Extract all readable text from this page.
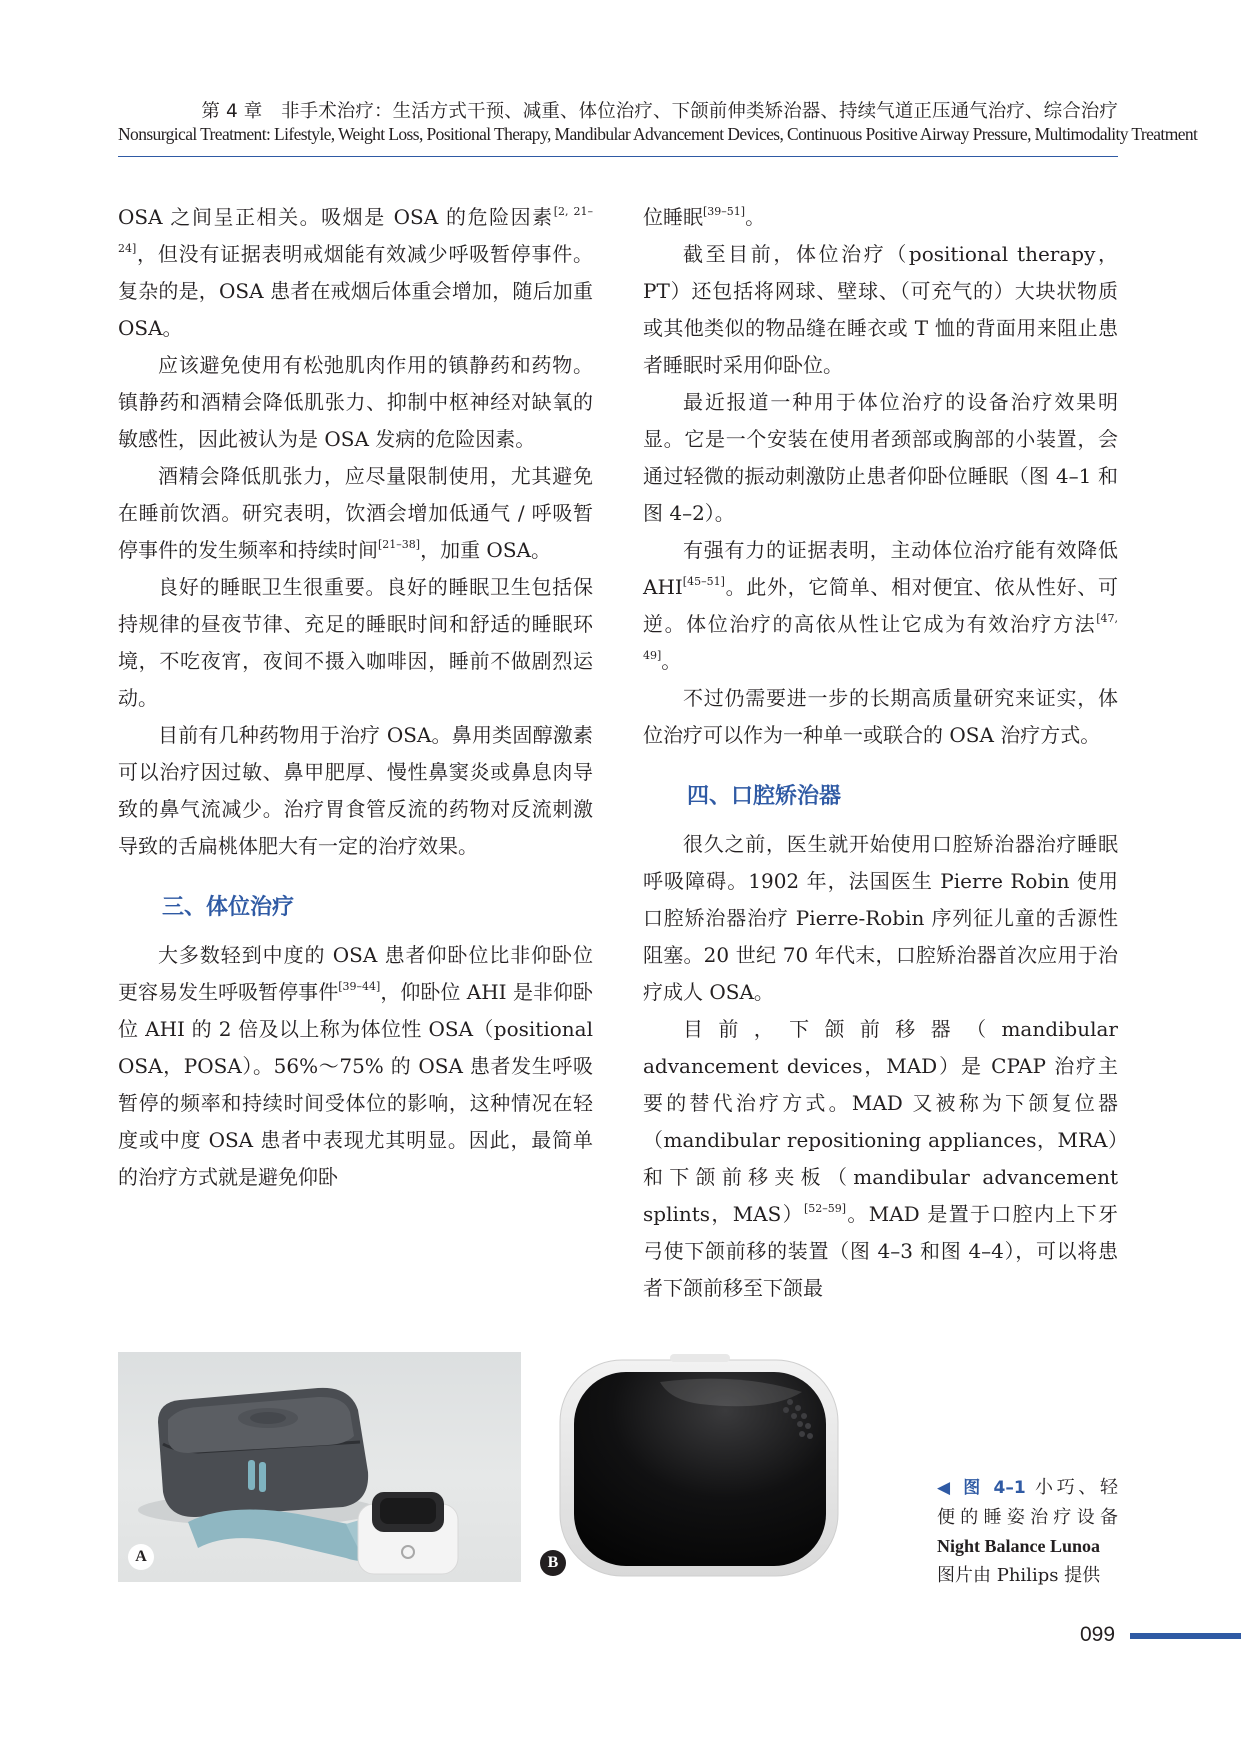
第 4 章　非手术治疗：生活方式干预、减重、体位治疗、下颌前伸类矫治器、持续气道正压通气治疗、综合治疗
Nonsurgical Treatment: Lifestyle, Weight Loss, Positional Therapy, Mandibular Advancement Devices, Continuous Positive Airway Pressure, Multimodality Treatment

OSA 之间呈正相关。吸烟是 OSA 的危险因素[2, 21–24]，但没有证据表明戒烟能有效减少呼吸暂停事件。复杂的是，OSA 患者在戒烟后体重会增加，随后加重 OSA。

应该避免使用有松弛肌肉作用的镇静药和药物。镇静药和酒精会降低肌张力、抑制中枢神经对缺氧的敏感性，因此被认为是 OSA 发病的危险因素。

酒精会降低肌张力，应尽量限制使用，尤其避免在睡前饮酒。研究表明，饮酒会增加低通气 / 呼吸暂停事件的发生频率和持续时间[21–38]，加重 OSA。

良好的睡眠卫生很重要。良好的睡眠卫生包括保持规律的昼夜节律、充足的睡眠时间和舒适的睡眠环境，不吃夜宵，夜间不摄入咖啡因，睡前不做剧烈运动。

目前有几种药物用于治疗 OSA。鼻用类固醇激素可以治疗因过敏、鼻甲肥厚、慢性鼻窦炎或鼻息肉导致的鼻气流减少。治疗胃食管反流的药物对反流刺激导致的舌扁桃体肥大有一定的治疗效果。

三、体位治疗

大多数轻到中度的 OSA 患者仰卧位比非仰卧位更容易发生呼吸暂停事件[39–44]，仰卧位 AHI 是非仰卧位 AHI 的 2 倍及以上称为体位性 OSA（positional OSA，POSA）。56%～75% 的 OSA 患者发生呼吸暂停的频率和持续时间受体位的影响，这种情况在轻度或中度 OSA 患者中表现尤其明显。因此，最简单的治疗方式就是避免仰卧

位睡眠[39–51]。

截至目前，体位治疗（positional therapy，PT）还包括将网球、壁球、（可充气的）大块状物质或其他类似的物品缝在睡衣或 T 恤的背面用来阻止患者睡眠时采用仰卧位。

最近报道一种用于体位治疗的设备治疗效果明显。它是一个安装在使用者颈部或胸部的小装置，会通过轻微的振动刺激防止患者仰卧位睡眠（图 4–1 和图 4–2）。

有强有力的证据表明，主动体位治疗能有效降低 AHI[45–51]。此外，它简单、相对便宜、依从性好、可逆。体位治疗的高依从性让它成为有效治疗方法[47, 49]。

不过仍需要进一步的长期高质量研究来证实，体位治疗可以作为一种单一或联合的 OSA 治疗方式。

四、口腔矫治器

很久之前，医生就开始使用口腔矫治器治疗睡眠呼吸障碍。1902 年，法国医生 Pierre Robin 使用口腔矫治器治疗 Pierre-Robin 序列征儿童的舌源性阻塞。20 世纪 70 年代末，口腔矫治器首次应用于治疗成人 OSA。

目前，下颌前移器（mandibular advancement devices，MAD）是 CPAP 治疗主要的替代治疗方式。MAD 又被称为下颌复位器（mandibular repositioning appliances，MRA）和下颌前移夹板（mandibular advancement splints，MAS）[52–59]。MAD 是置于口腔内上下牙弓使下颌前移的装置（图 4–3 和图 4–4），可以将患者下颌前移至下颌最

A	B
◀ 图 4–1 小巧、轻
便的睡姿治疗设备
Night Balance Lunoa
图片由 Philips 提供
099
